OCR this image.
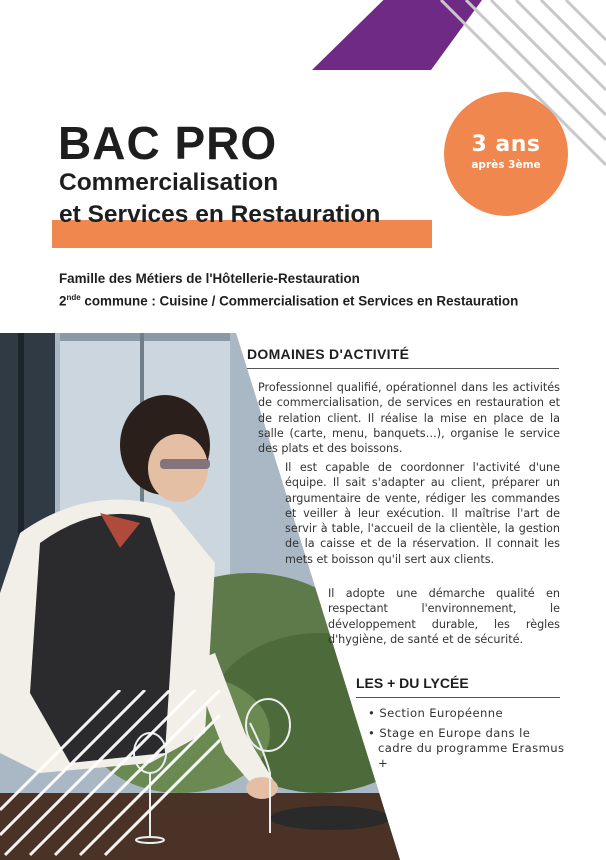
3 ans
après 3ème
BAC PRO
Commercialisation
et Services en Restauration
Famille des Métiers de l'Hôtellerie-Restauration
2nde commune : Cuisine / Commercialisation et Services en Restauration
DOMAINES D'ACTIVITÉ
Professionnel qualifié, opérationnel dans les activités de commercialisation, de services en restauration et de relation client. Il réalise la mise en place de la salle (carte, menu, banquets…), organise le service des plats et des boissons.
Il est capable de coordonner l'activité d'une équipe. Il sait s'adapter au client, préparer un argumentaire de vente, rédiger les commandes et veiller à leur exécution. Il maîtrise l'art de servir à table, l'accueil de la clientèle, la gestion de la caisse et de la réservation. Il connait les mets et boisson qu'il sert aux clients.
Il adopte une démarche qualité en respectant l'environnement, le développement durable, les règles d'hygiène, de santé et de sécurité.
LES + DU LYCÉE
• Section Européenne
• Stage en Europe dans le cadre du programme Erasmus +
